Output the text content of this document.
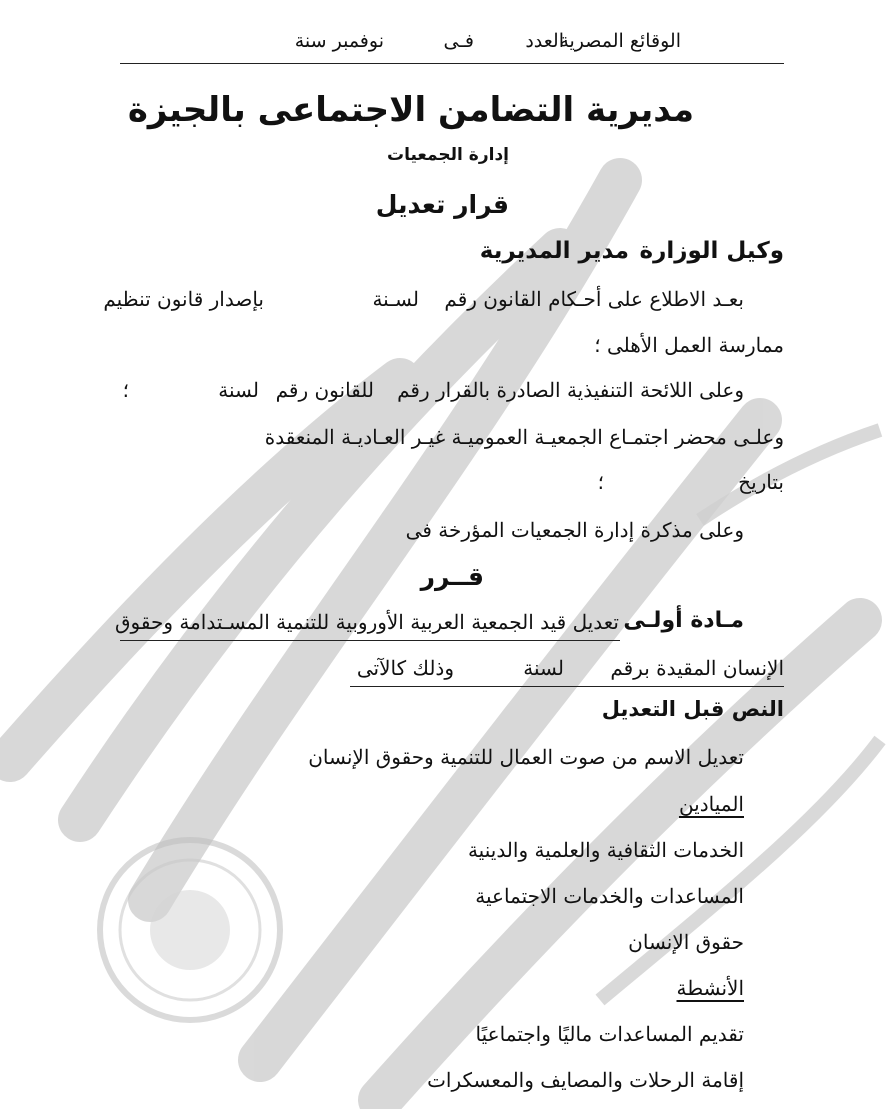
الوقائع المصرية
العدد
فـى
نوفمبر سنة
مديرية التضامن الاجتماعى بالجيزة
إدارة الجمعيات
قرار تعديل
وكيل الوزارة
مدير المديرية
بعـد الاطلاع على أحـكام القانون رقم
لسـنة
بإصدار قانون تنظيم
ممارسة العمل الأهلى ؛
وعلى اللائحة التنفيذية الصادرة بالقرار رقم
للقانون رقم
لسنة
؛
وعلـى محضر اجتمـاع الجمعيـة العموميـة غيـر العـاديـة المنعقدة
بتاريخ
؛
وعلى مذكرة إدارة الجمعيات المؤرخة فى
قــرر
مـادة أولـى
تعديل قيد الجمعية العربية الأوروبية للتنمية المسـتدامة وحقوق
الإنسان المقيدة برقم
لسنة
وذلك كالآتى
النص قبل التعديل
تعديل الاسم من صوت العمال للتنمية وحقوق الإنسان
الميادين
الخدمات الثقافية والعلمية والدينية
المساعدات والخدمات الاجتماعية
حقوق الإنسان
الأنشطة
تقديم المساعدات ماليًا واجتماعيًا
إقامة الرحلات والمصايف والمعسكرات
